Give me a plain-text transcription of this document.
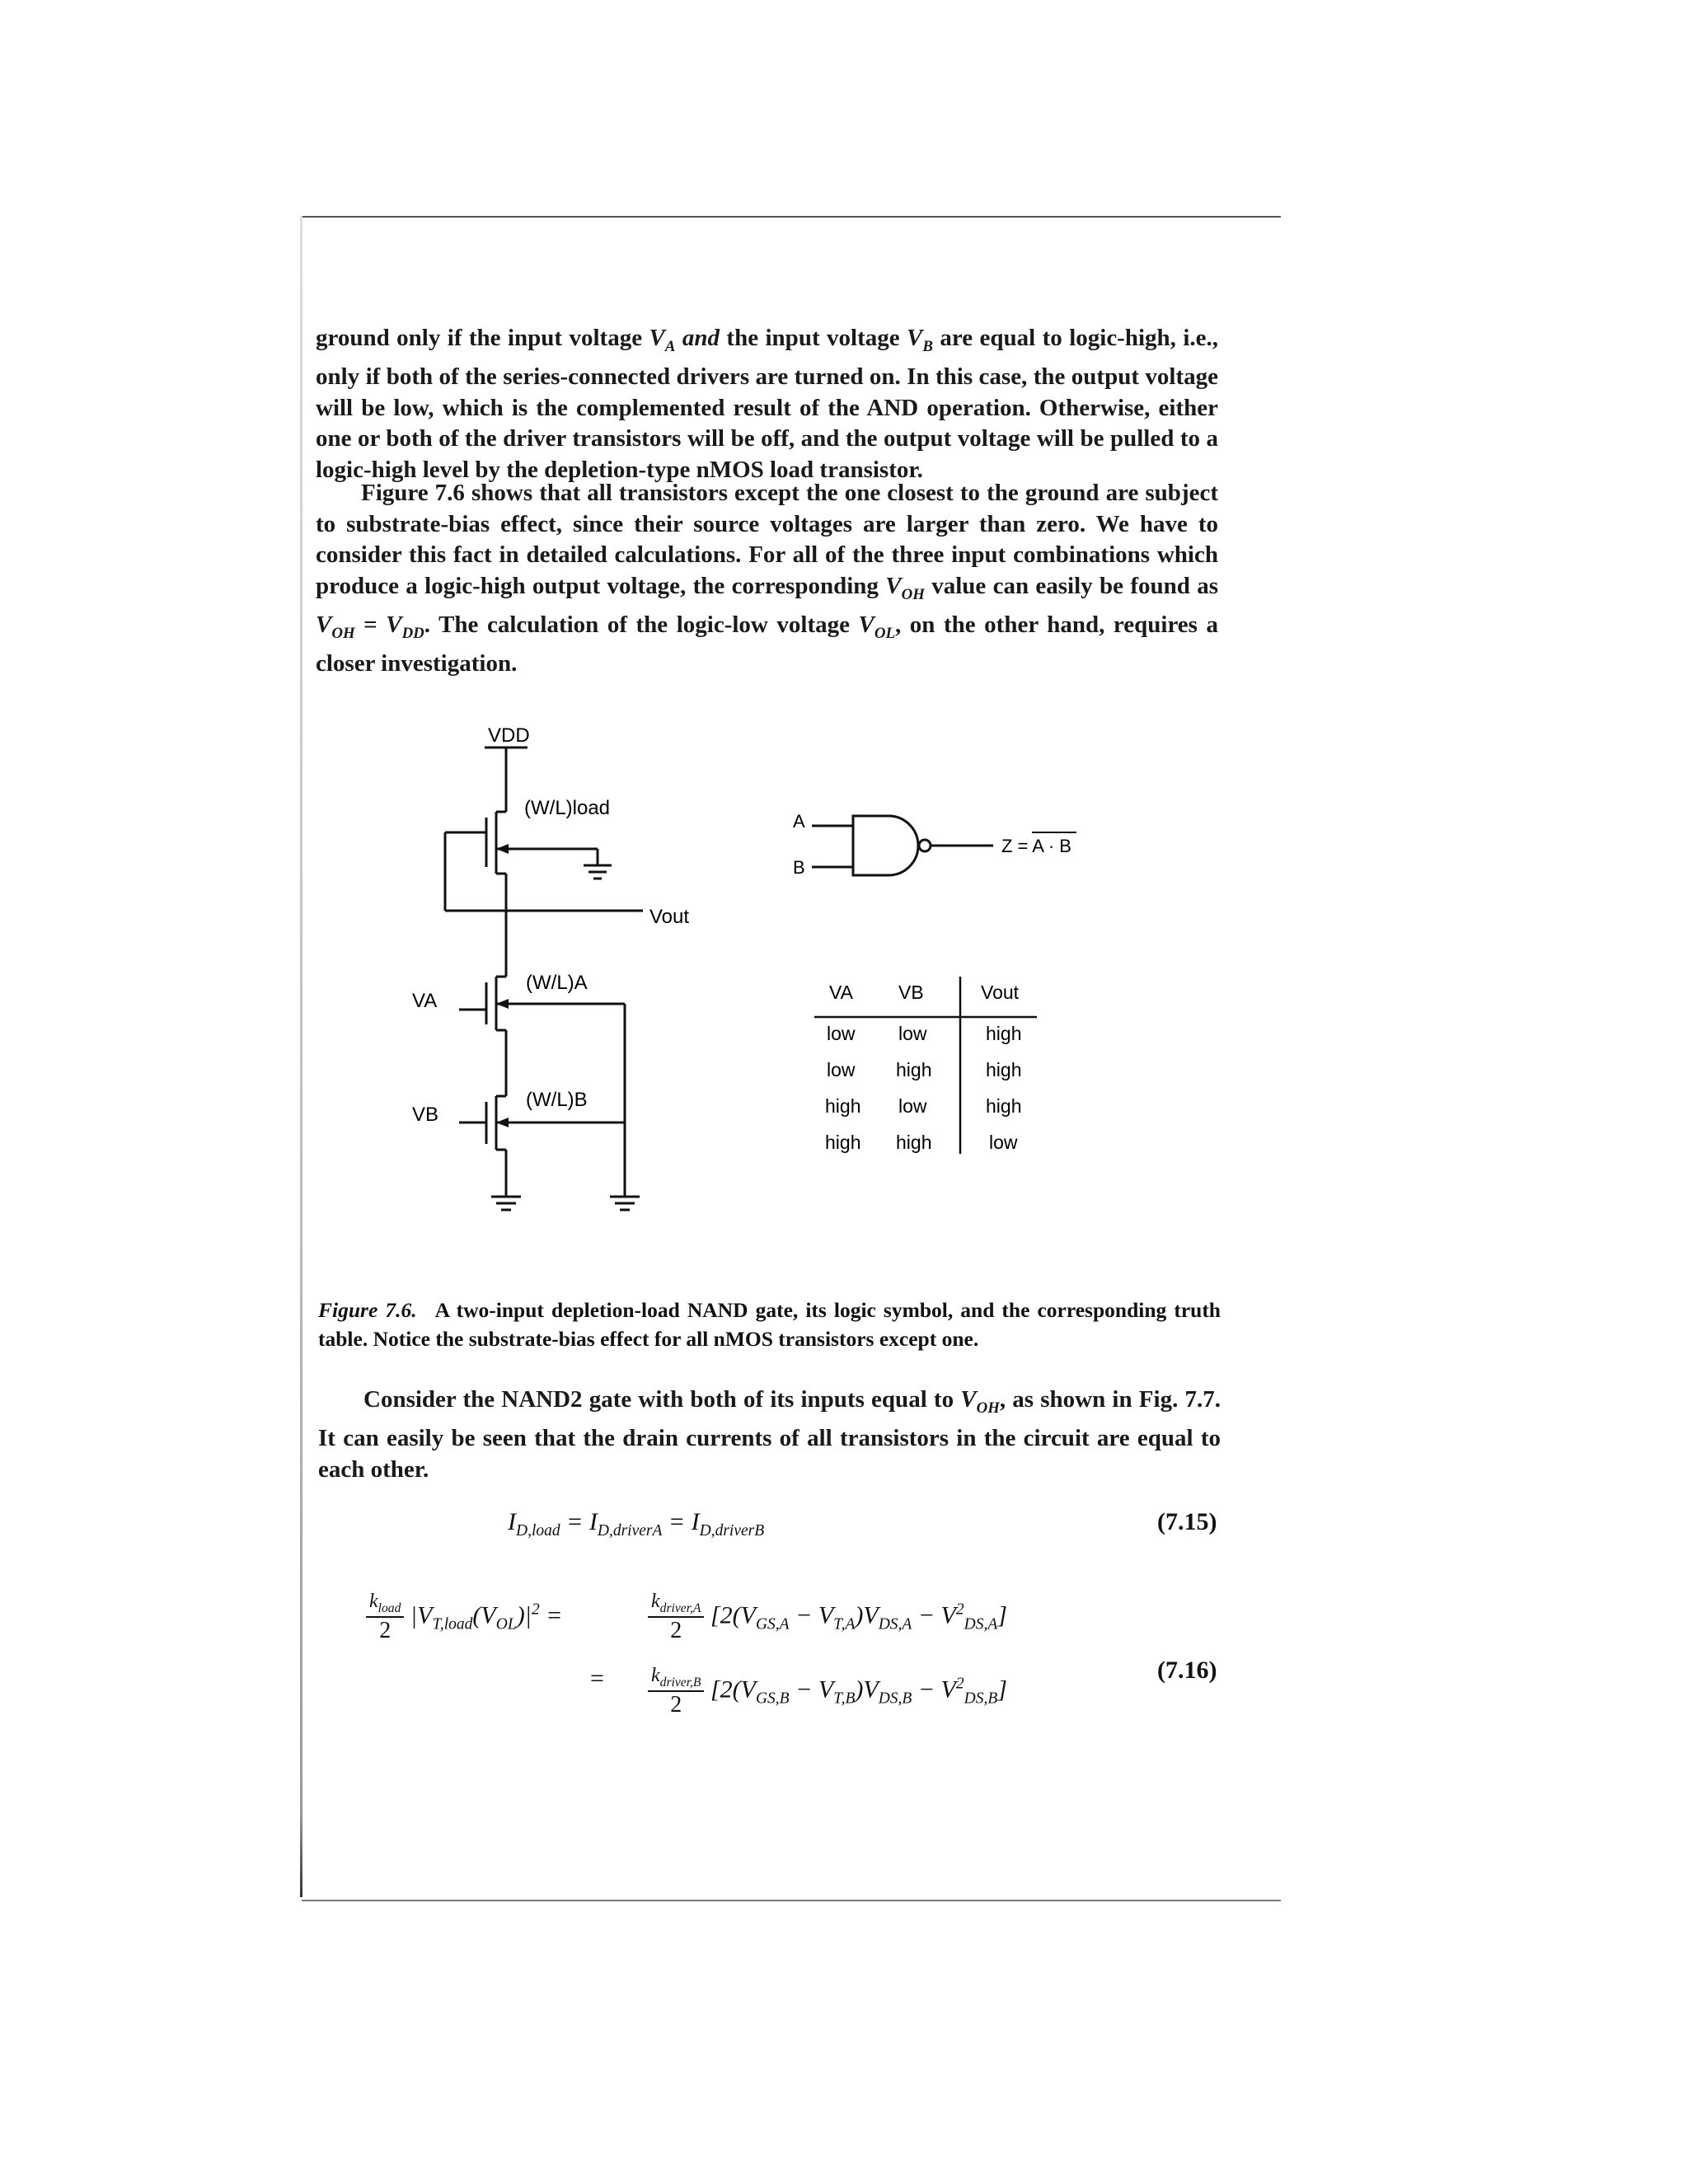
ground only if the input voltage $V_A$ and the input voltage $V_B$ are equal to logic-high, i.e., only if both of the series-connected drivers are turned on. In this case, the output voltage will be low, which is the complemented result of the AND operation. Otherwise, either one or both of the driver transistors will be off, and the output voltage will be pulled to a logic-high level by the depletion-type nMOS load transistor.

Figure 7.6 shows that all transistors except the one closest to the ground are subject to substrate-bias effect, since their source voltages are larger than zero. We have to consider this fact in detailed calculations. For all of the three input combinations which produce a logic-high output voltage, the corresponding $V_{OH}$ value can easily be found as $V_{OH} = V_{DD}$. The calculation of the logic-low voltage $V_{OL}$, on the other hand, requires a closer investigation.

VDD
(W/L)load
Vout
(W/L)A
(W/L)B
VA
VB
A
B
Z = A · B
VA VB	Vout
low low	high
low high	high
high low	high
high high	low
Figure 7.6. A two-input depletion-load NAND gate, its logic symbol, and the corresponding truth table. Notice the substrate-bias effect for all nMOS transistors except one.

Consider the NAND2 gate with both of its inputs equal to $V_{OH}$, as shown in Fig. 7.7. It can easily be seen that the drain currents of all transistors in the circuit are equal to each other.

$I_{D,load} = I_{D,driverA} = I_{D,driverB}$	(7.15)
$\frac{k_{load}}{2} |V_{T,load}(V_{OL})|^2$ =	$\frac{k_{driver,A}}{2} [2(V_{GS,A} - V_{T,A})V_{DS,A} - V^2_{DS,A}]$
= $\frac{k_{driver,B}}{2} [2(V_{GS,B} - V_{T,B})V_{DS,B} - V^2_{DS,B}]$
(7.16)
